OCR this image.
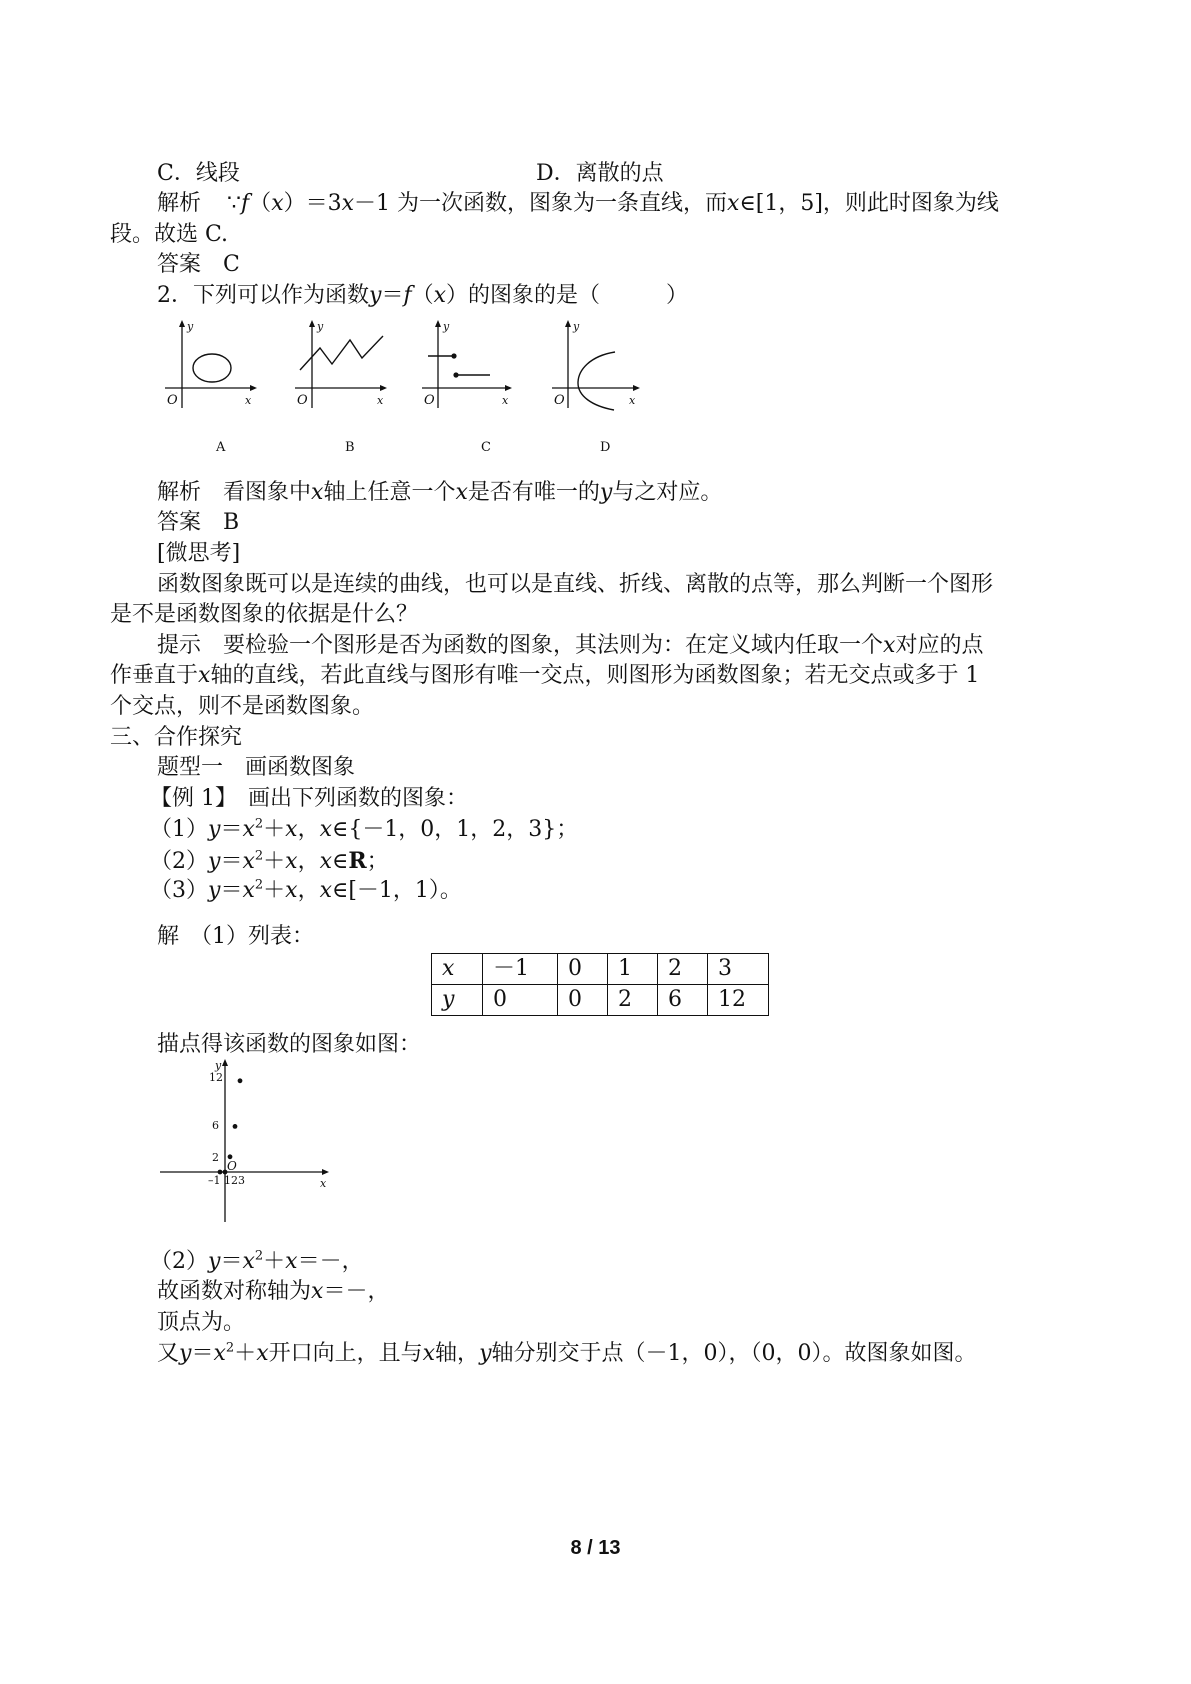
C．线段	D．离散的点
解析 ∵f（x）＝3x－1 为一次函数，图象为一条直线，而x∈[1，5]，则此时图象为线
段。故选 C.
答案　C
2．下列可以作为函数y＝f（x）的图象的是（　　　）
y
O	x
A
y
O	x
B
y
O	x
C
y
O	x
D
解析　看图象中x轴上任意一个x是否有唯一的y与之对应。
答案　B
[微思考]
函数图象既可以是连续的曲线，也可以是直线、折线、离散的点等，那么判断一个图形
是不是函数图象的依据是什么？
提示　要检验一个图形是否为函数的图象，其法则为：在定义域内任取一个x对应的点
作垂直于x轴的直线，若此直线与图形有唯一交点，则图形为函数图象；若无交点或多于 1
个交点，则不是函数图象。
三、合作探究
题型一　画函数图象
【例 1】　画出下列函数的图象：
$(1)y=x^2+x$，x∈{－1，0，1，2，3}；
$(2)y=x^2+x$，x∈R；
$(3)y=x^2+x$，x∈[－1，1）。
解　（1）列表：
x	－1	0	1	2	3
y	0	0	2	6	12
描点得该函数的图象如图：
y
x
12
6
2
O
–1 123
$(2)y=x^2+x=-$，
故函数对称轴为x＝－，
顶点为。
又$y=x^2+x$开口向上，且与x轴，y轴分别交于点（－1，0），（0，0）。故图象如图。
8 / 13
